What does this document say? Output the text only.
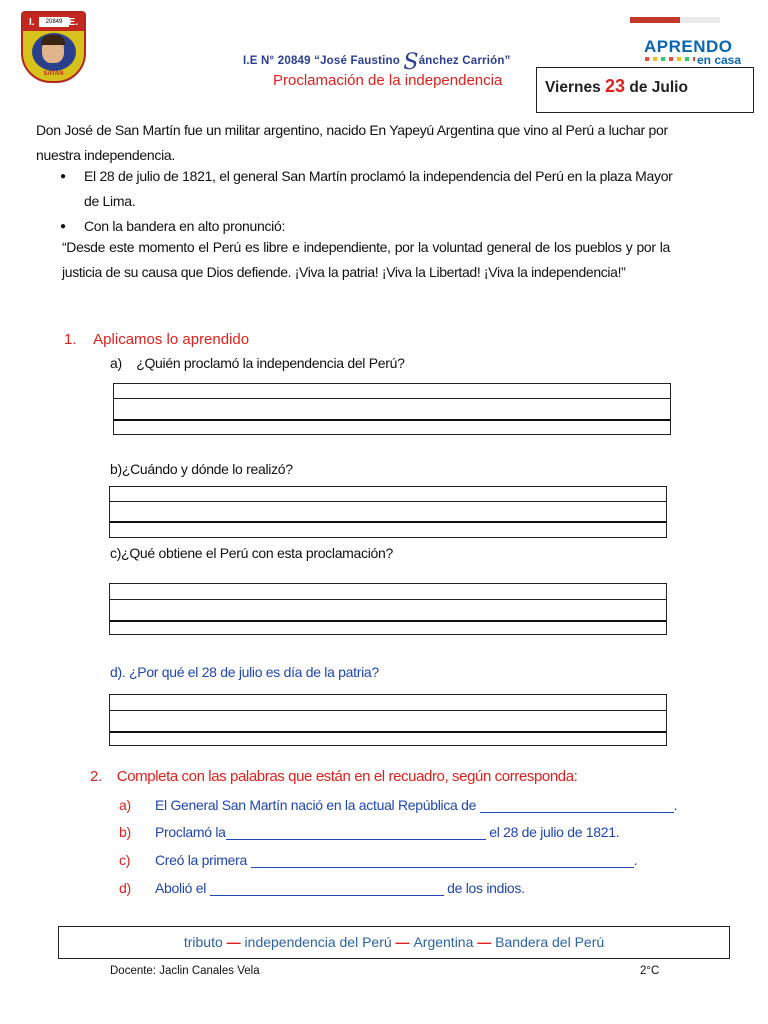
I.	E.
20849
SAYAN
I.E N° 20849 “José Faustino Sánchez Carrión”
Proclamación de la independencia	Viernes 23 de Julio
APRENDO
en casa
Don José de San Martín fue un militar argentino, nacido En Yapeyú Argentina que vino al Perú a luchar por nuestra independencia.
● El 28 de julio de 1821, el general San Martín proclamó la independencia del Perú en la plaza Mayor de Lima.
● Con la bandera en alto pronunció:
“Desde este momento el Perú es libre e independiente, por la voluntad general de los pueblos y por la justicia de su causa que Dios defiende. ¡Viva la patria! ¡Viva la Libertad! ¡Viva la independencia!”
1.    Aplicamos lo aprendido
a)    ¿Quién proclamó la independencia del Perú?
b)¿Cuándo y dónde lo realizó?
c)¿Qué obtiene el Perú con esta proclamación?
d). ¿Por qué el 28 de julio es día de la patria?
2.    Completa con las palabras que están en el recuadro, según corresponda:
a) El General San Martín nació en la actual República de	.
b) Proclamó la	el 28 de julio de 1821.
c) Creó la primera	.
d) Abolió el	de los indios.
tributo — independencia del Perú — Argentina — Bandera del Perú
Docente: Jaclin Canales Vela	2°C
